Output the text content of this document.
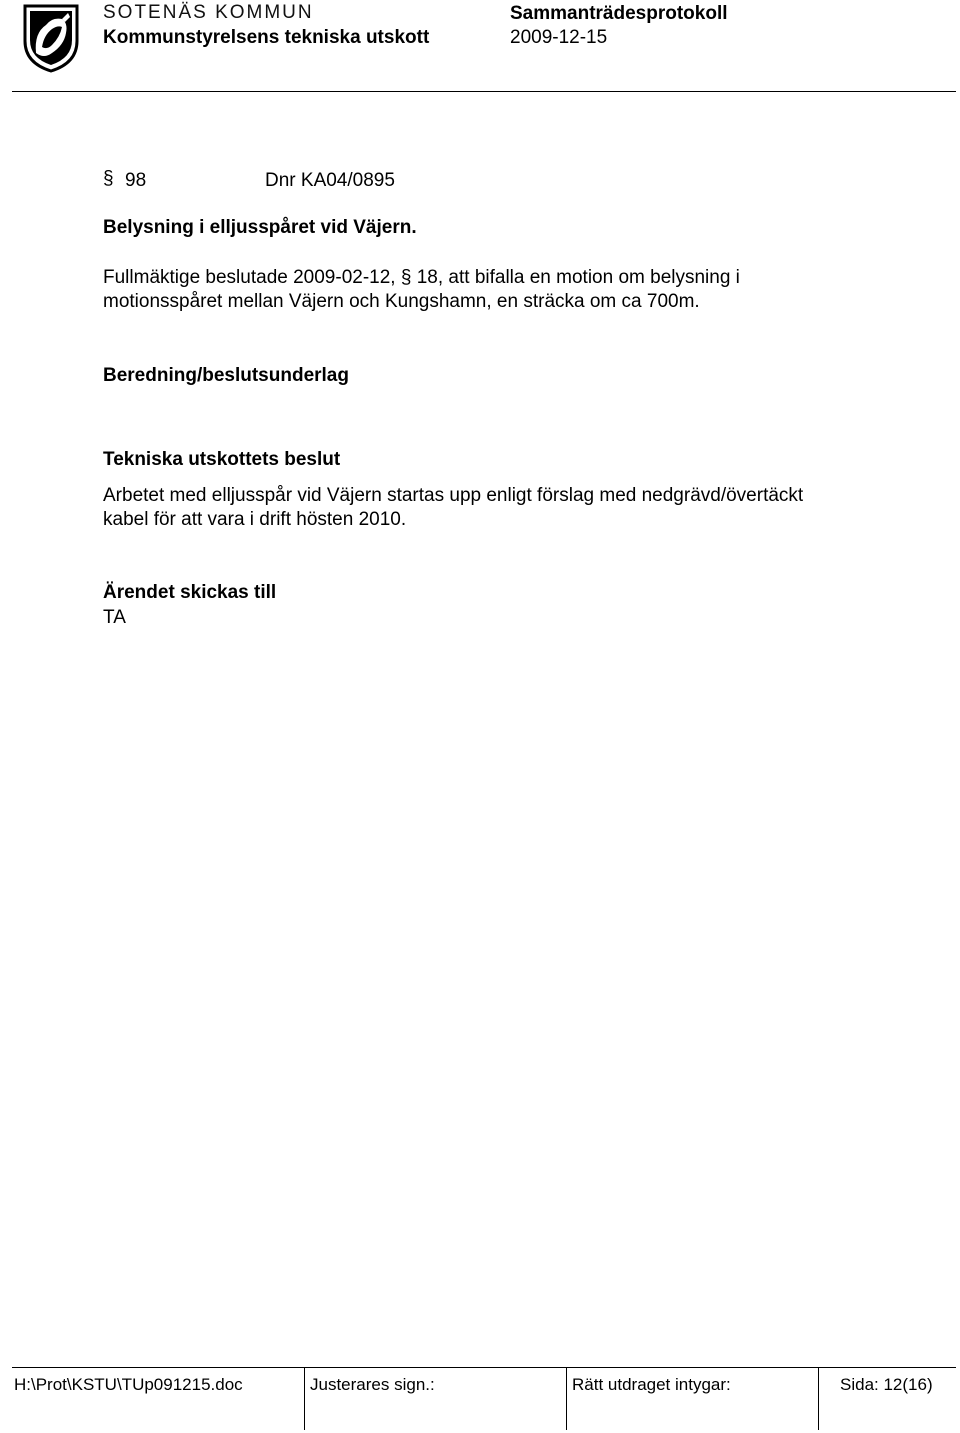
SOTENÄS KOMMUN
Kommunstyrelsens tekniska utskott
Sammanträdesprotokoll
2009-12-15
§ 98	Dnr KA04/0895
Belysning i elljusspåret vid Väjern.
Fullmäktige beslutade 2009-02-12, § 18, att bifalla en motion om belysning i
motionsspåret mellan Väjern och Kungshamn, en sträcka om ca 700m.
Beredning/beslutsunderlag
Tekniska utskottets beslut
Arbetet med elljusspår vid Väjern startas upp enligt förslag med nedgrävd/övertäckt
kabel för att vara i drift hösten 2010.
Ärendet skickas till
TA
H:\Prot\KSTU\TUp091215.doc	Justerares sign.:	Rätt utdraget intygar:	Sida: 12(16)
